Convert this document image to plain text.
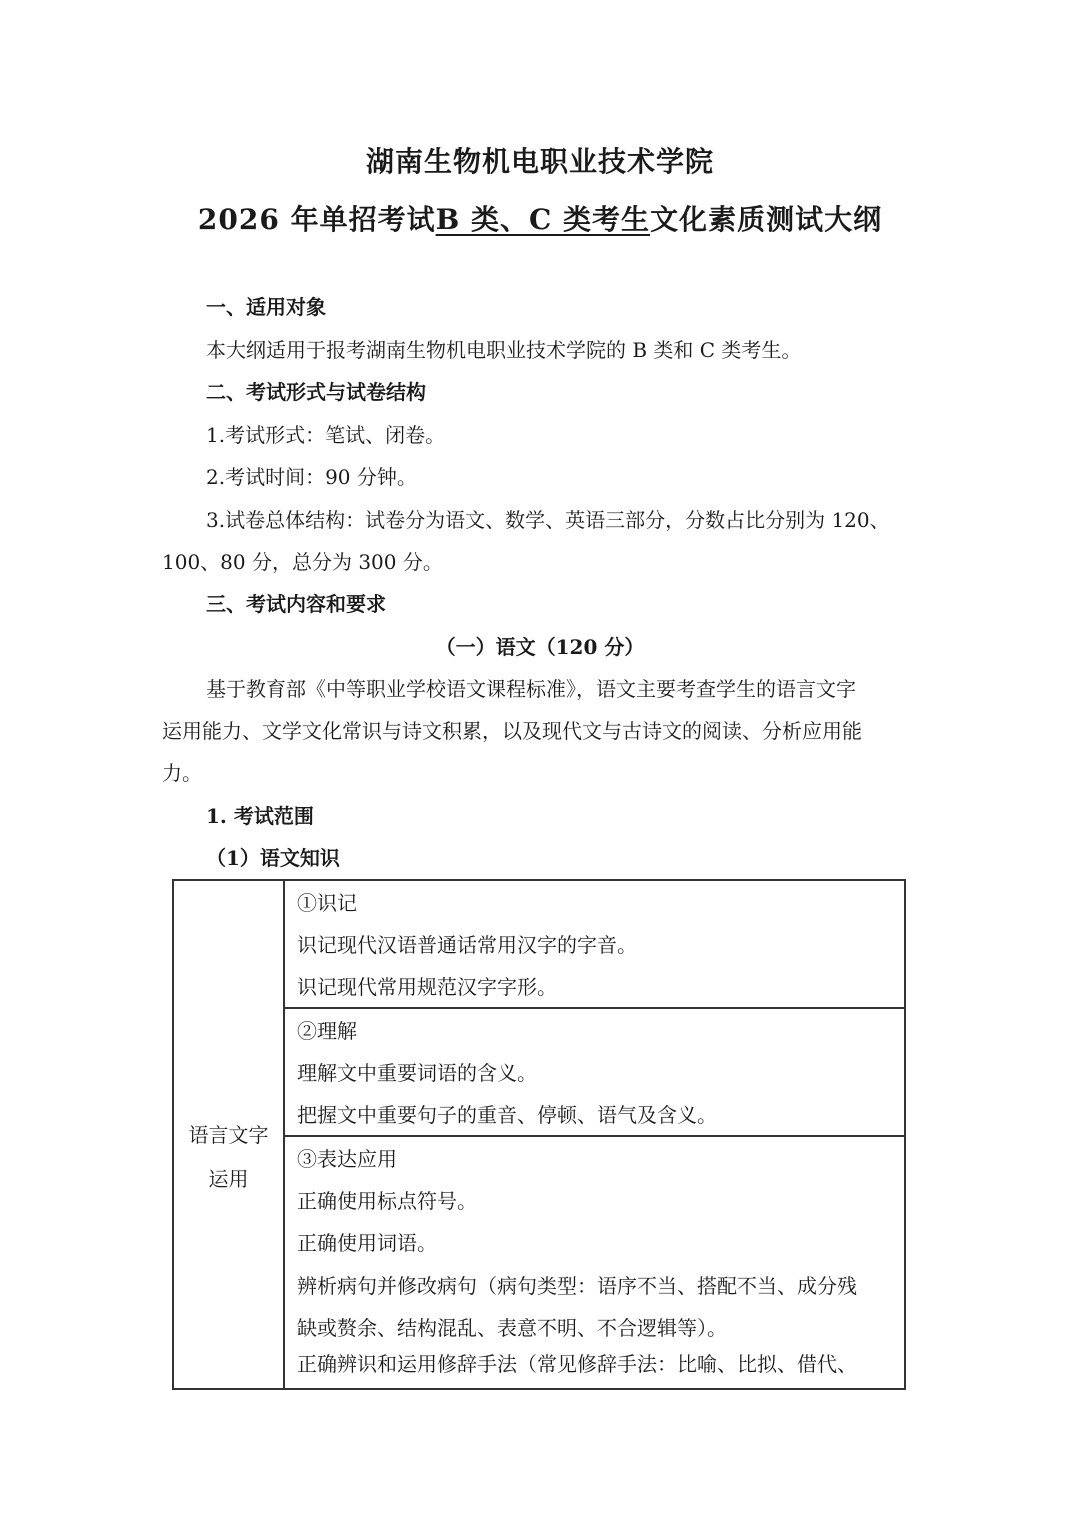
湖南生物机电职业技术学院
2026 年单招考试B 类、C 类考生文化素质测试大纲
一、适用对象
本大纲适用于报考湖南生物机电职业技术学院的 B 类和 C 类考生。
二、考试形式与试卷结构
1.考试形式：笔试、闭卷。
2.考试时间：90 分钟。
3.试卷总体结构：试卷分为语文、数学、英语三部分，分数占比分别为 120、
100、80 分，总分为 300 分。
三、考试内容和要求
（一）语文（120 分）
基于教育部《中等职业学校语文课程标准》，语文主要考查学生的语言文字
运用能力、文学文化常识与诗文积累，以及现代文与古诗文的阅读、分析应用能
力。
1. 考试范围
（1）语文知识
语言文字
运用
①识记
识记现代汉语普通话常用汉字的字音。
识记现代常用规范汉字字形。
②理解
理解文中重要词语的含义。
把握文中重要句子的重音、停顿、语气及含义。
③表达应用
正确使用标点符号。
正确使用词语。
辨析病句并修改病句（病句类型：语序不当、搭配不当、成分残
缺或赘余、结构混乱、表意不明、不合逻辑等）。
正确辨识和运用修辞手法（常见修辞手法：比喻、比拟、借代、
